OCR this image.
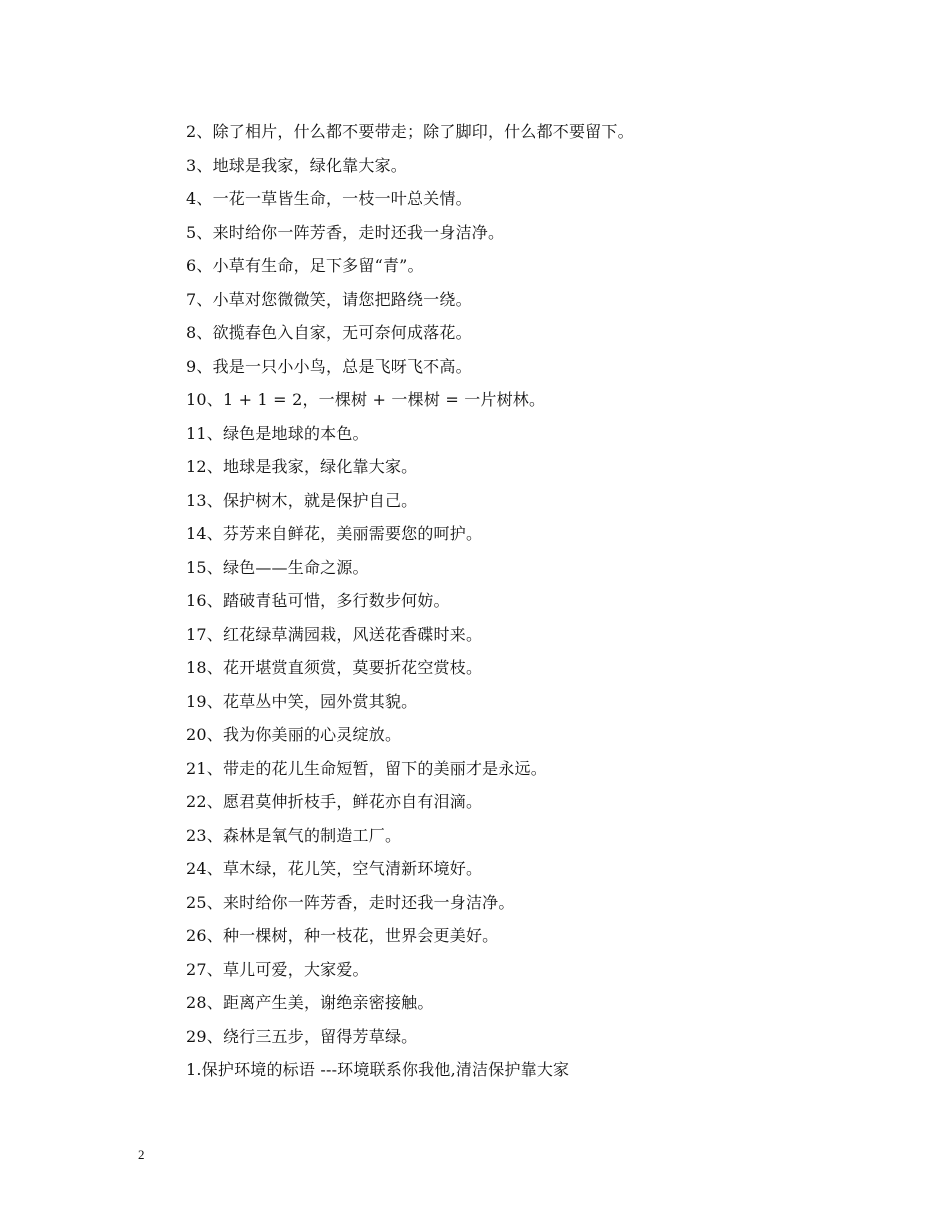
2、除了相片，什么都不要带走；除了脚印，什么都不要留下。
3、地球是我家，绿化靠大家。
4、一花一草皆生命，一枝一叶总关情。
5、来时给你一阵芳香，走时还我一身洁净。
6、小草有生命，足下多留“青”。
7、小草对您微微笑，请您把路绕一绕。
8、欲揽春色入自家，无可奈何成落花。
9、我是一只小小鸟，总是飞呀飞不高。
10、1 + 1 = 2，一棵树 + 一棵树 = 一片树林。
11、绿色是地球的本色。
12、地球是我家，绿化靠大家。
13、保护树木，就是保护自己。
14、芬芳来自鲜花，美丽需要您的呵护。
15、绿色——生命之源。
16、踏破青毡可惜，多行数步何妨。
17、红花绿草满园栽，风送花香碟时来。
18、花开堪赏直须赏，莫要折花空赏枝。
19、花草丛中笑，园外赏其貌。
20、我为你美丽的心灵绽放。
21、带走的花儿生命短暂，留下的美丽才是永远。
22、愿君莫伸折枝手，鲜花亦自有泪滴。
23、森林是氧气的制造工厂。
24、草木绿，花儿笑，空气清新环境好。
25、来时给你一阵芳香，走时还我一身洁净。
26、种一棵树，种一枝花，世界会更美好。
27、草儿可爱，大家爱。
28、距离产生美，谢绝亲密接触。
29、绕行三五步，留得芳草绿。
1.保护环境的标语 ---环境联系你我他,清洁保护靠大家
2
